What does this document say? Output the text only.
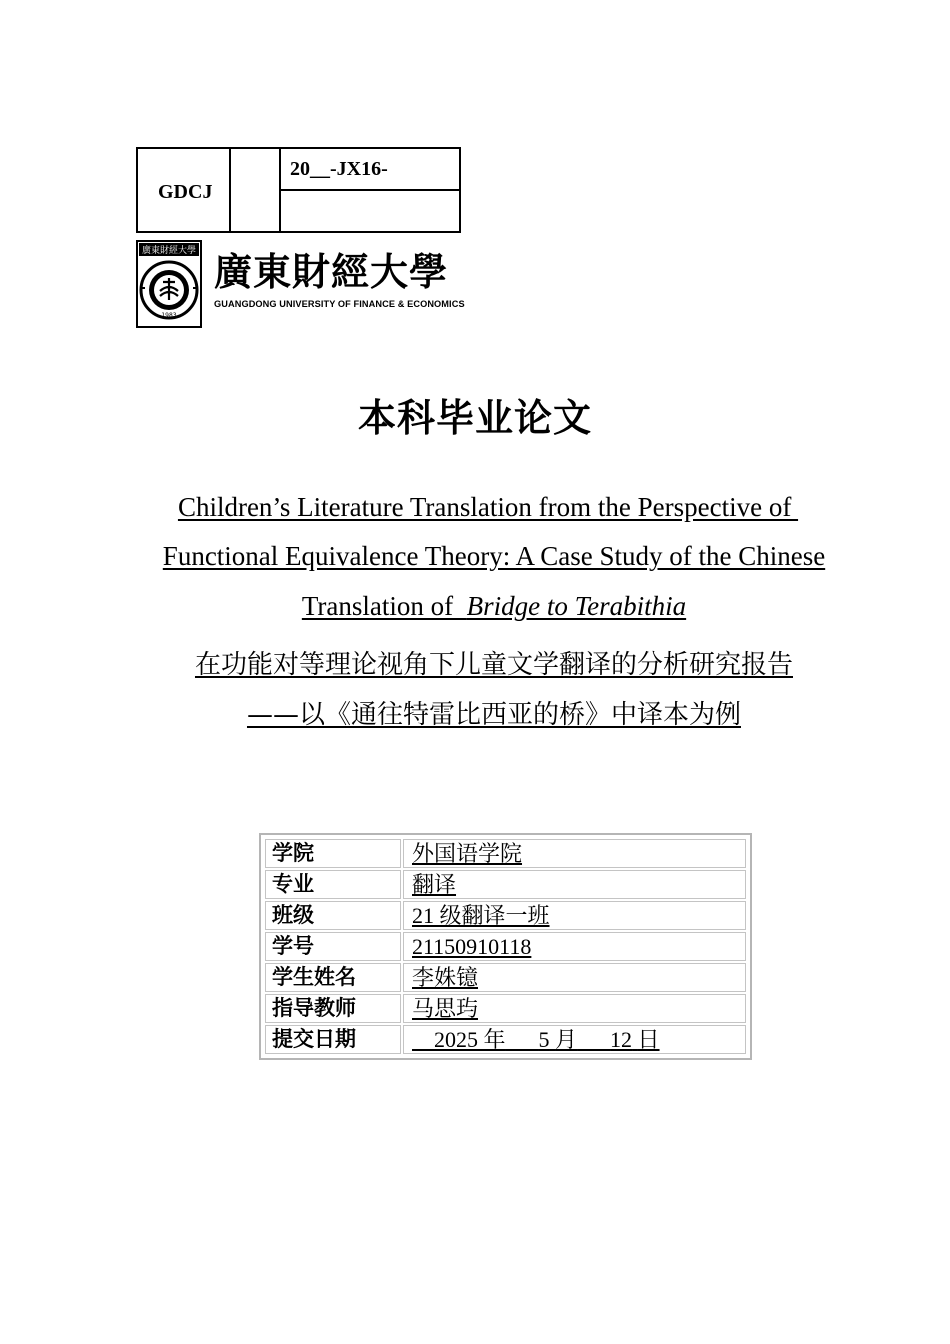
GDCJ
20__-JX16-
廣東財經大學
1983
廣東財經大學
GUANGDONG UNIVERSITY OF FINANCE & ECONOMICS
本科毕业论文
Children’s Literature Translation from the Perspective of
Functional Equivalence Theory: A Case Study of the Chinese
Translation of  Bridge to Terabithia
在功能对等理论视角下儿童文学翻译的分析研究报告
——以《通往特雷比西亚的桥》中译本为例
学院	外国语学院
专业	翻译
班级	21 级翻译一班
学号	21150910118
学生姓名	李姝镱
指导教师	马思玙
提交日期	2025 年 5 月 12 日
